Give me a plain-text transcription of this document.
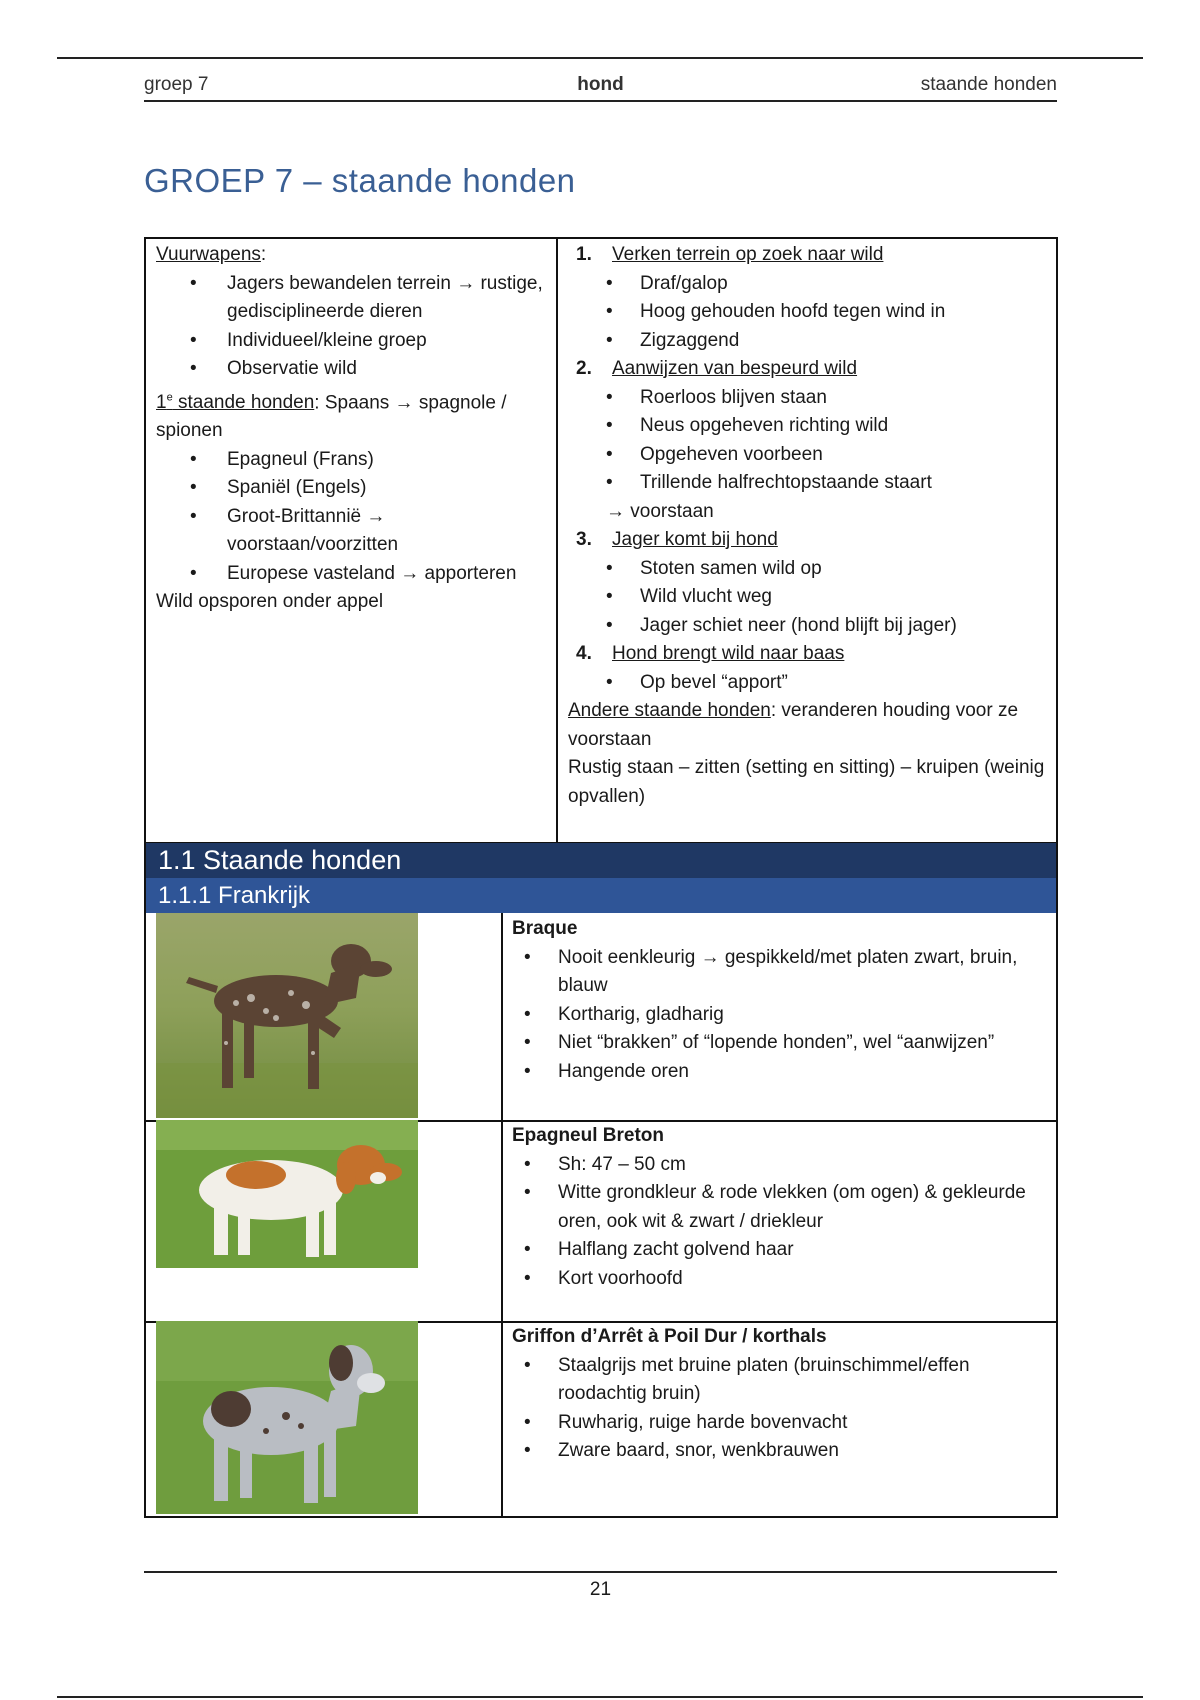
groep 7	hond	staande honden
GROEP 7 – staande honden

Vuurwapens:

• Jagers bewandelen terrein → rustige, gedisciplineerde dieren
• Individueel/kleine groep
• Observatie wild

1e staande honden: Spaans → spagnole / spionen

• Epagneul (Frans)
• Spaniël (Engels)
• Groot-Brittannië → voorstaan/voorzitten
• Europese vasteland → apporteren

Wild opsporen onder appel

1. Verken terrein op zoek naar wild
• Draf/galop
• Hoog gehouden hoofd tegen wind in
• Zigzaggend
2. Aanwijzen van bespeurd wild
• Roerloos blijven staan
• Neus opgeheven richting wild
• Opgeheven voorbeen
• Trillende halfrechtopstaande staart

→ voorstaan

3. Jager komt bij hond
• Stoten samen wild op
• Wild vlucht weg
• Jager schiet neer (hond blijft bij jager)
4. Hond brengt wild naar baas
• Op bevel “apport”

Andere staande honden: veranderen houding voor ze voorstaan

Rustig staan – zitten (setting en sitting) – kruipen (weinig opvallen)

1.1 Staande honden
1.1.1 Frankrijk
Braque
• Nooit eenkleurig → gespikkeld/met platen zwart, bruin, blauw
• Kortharig, gladharig
• Niet “brakken” of “lopende honden”, wel “aanwijzen”
• Hangende oren
Epagneul Breton
• Sh: 47 – 50 cm
• Witte grondkleur & rode vlekken (om ogen) & gekleurde oren, ook wit & zwart / driekleur
• Halflang zacht golvend haar
• Kort voorhoofd
Griffon d’Arrêt à Poil Dur / korthals
• Staalgrijs met bruine platen (bruinschimmel/effen roodachtig bruin)
• Ruwharig, ruige harde bovenvacht
• Zware baard, snor, wenkbrauwen
21
